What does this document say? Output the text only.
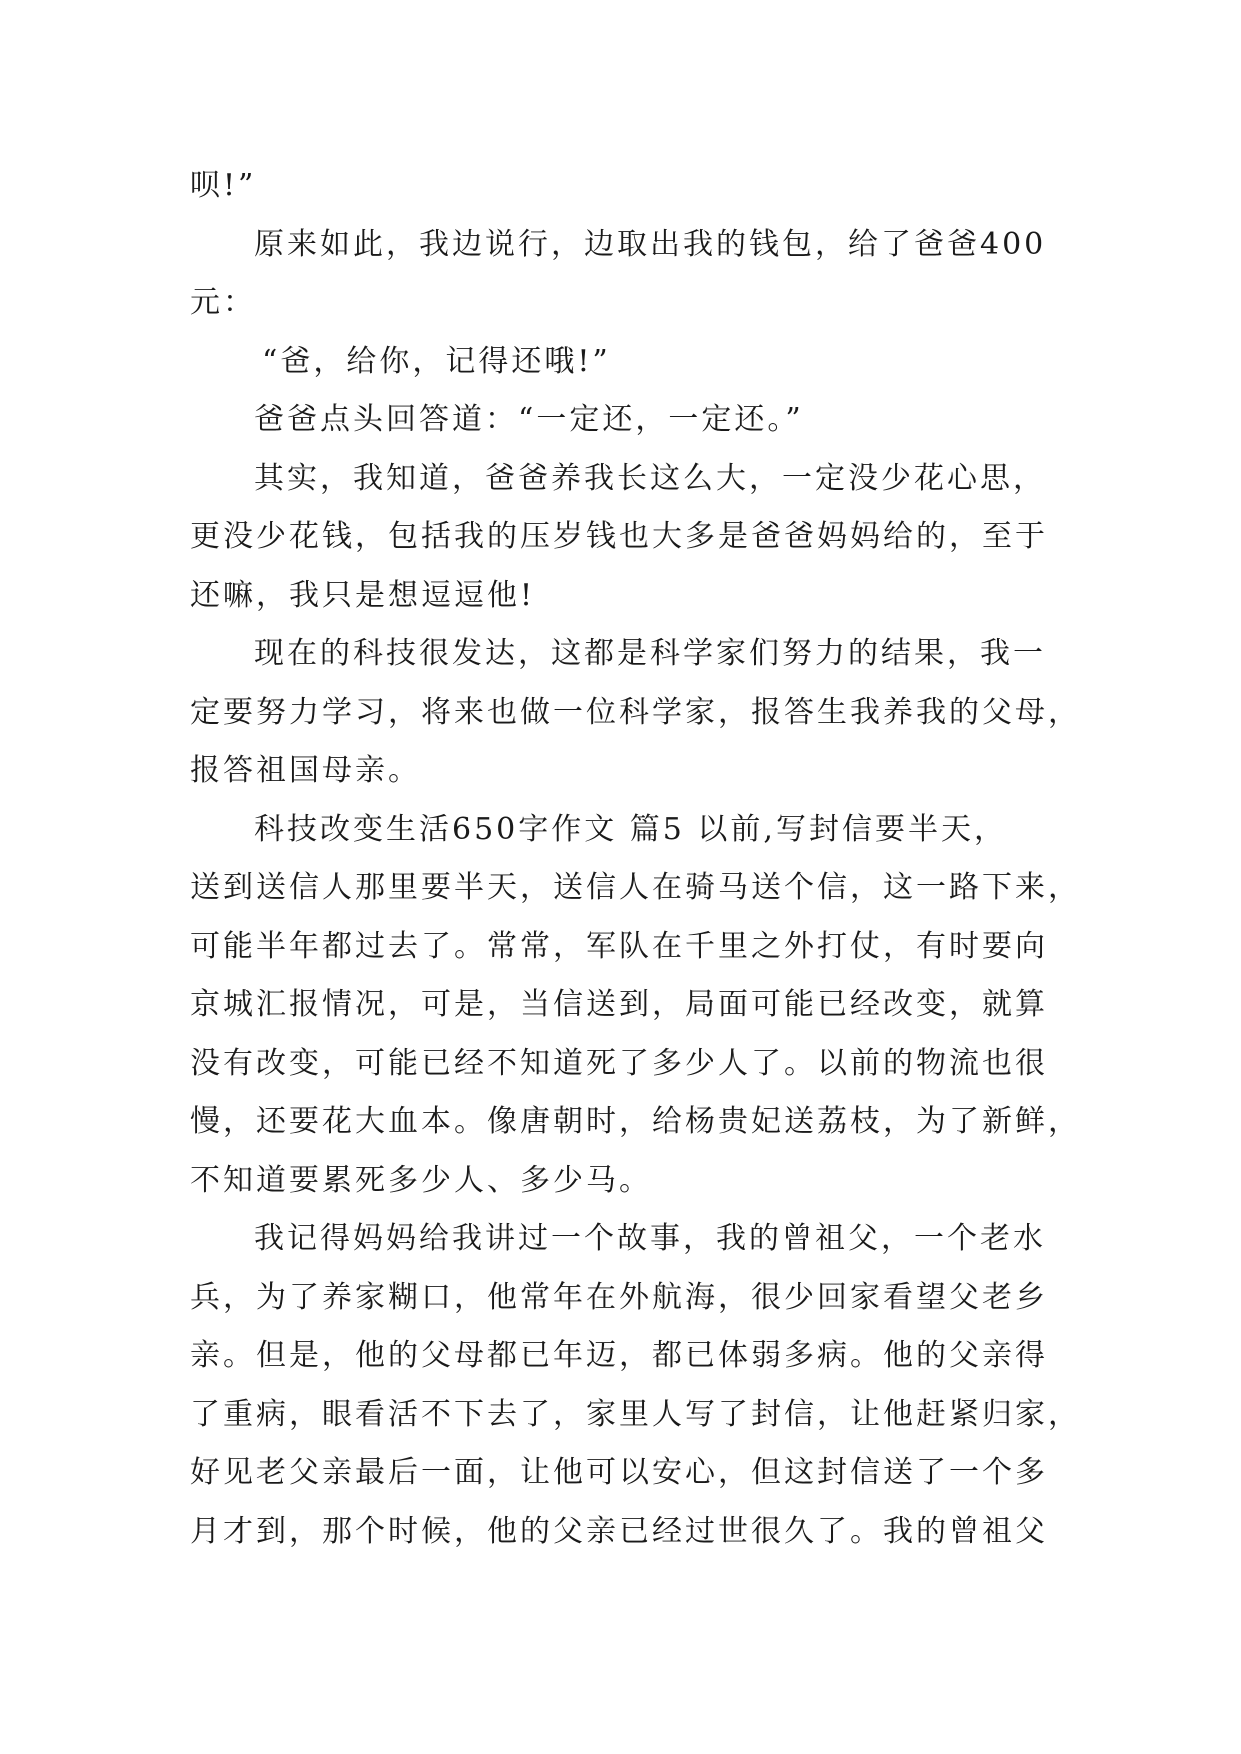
呗!”
原来如此，我边说行，边取出我的钱包，给了爸爸400
元：
“爸，给你，记得还哦!”
爸爸点头回答道：“一定还，一定还。”
其实，我知道，爸爸养我长这么大，一定没少花心思，
更没少花钱，包括我的压岁钱也大多是爸爸妈妈给的，至于
还嘛，我只是想逗逗他!
现在的科技很发达，这都是科学家们努力的结果，我一
定要努力学习，将来也做一位科学家，报答生我养我的父母，
报答祖国母亲。
科技改变生活650字作文 篇5 以前,写封信要半天，
送到送信人那里要半天，送信人在骑马送个信，这一路下来，
可能半年都过去了。常常，军队在千里之外打仗，有时要向
京城汇报情况，可是，当信送到，局面可能已经改变，就算
没有改变，可能已经不知道死了多少人了。以前的物流也很
慢，还要花大血本。像唐朝时，给杨贵妃送荔枝，为了新鲜，
不知道要累死多少人、多少马。
我记得妈妈给我讲过一个故事，我的曾祖父，一个老水
兵，为了养家糊口，他常年在外航海，很少回家看望父老乡
亲。但是，他的父母都已年迈，都已体弱多病。他的父亲得
了重病，眼看活不下去了，家里人写了封信，让他赶紧归家，
好见老父亲最后一面，让他可以安心，但这封信送了一个多
月才到，那个时候，他的父亲已经过世很久了。我的曾祖父
